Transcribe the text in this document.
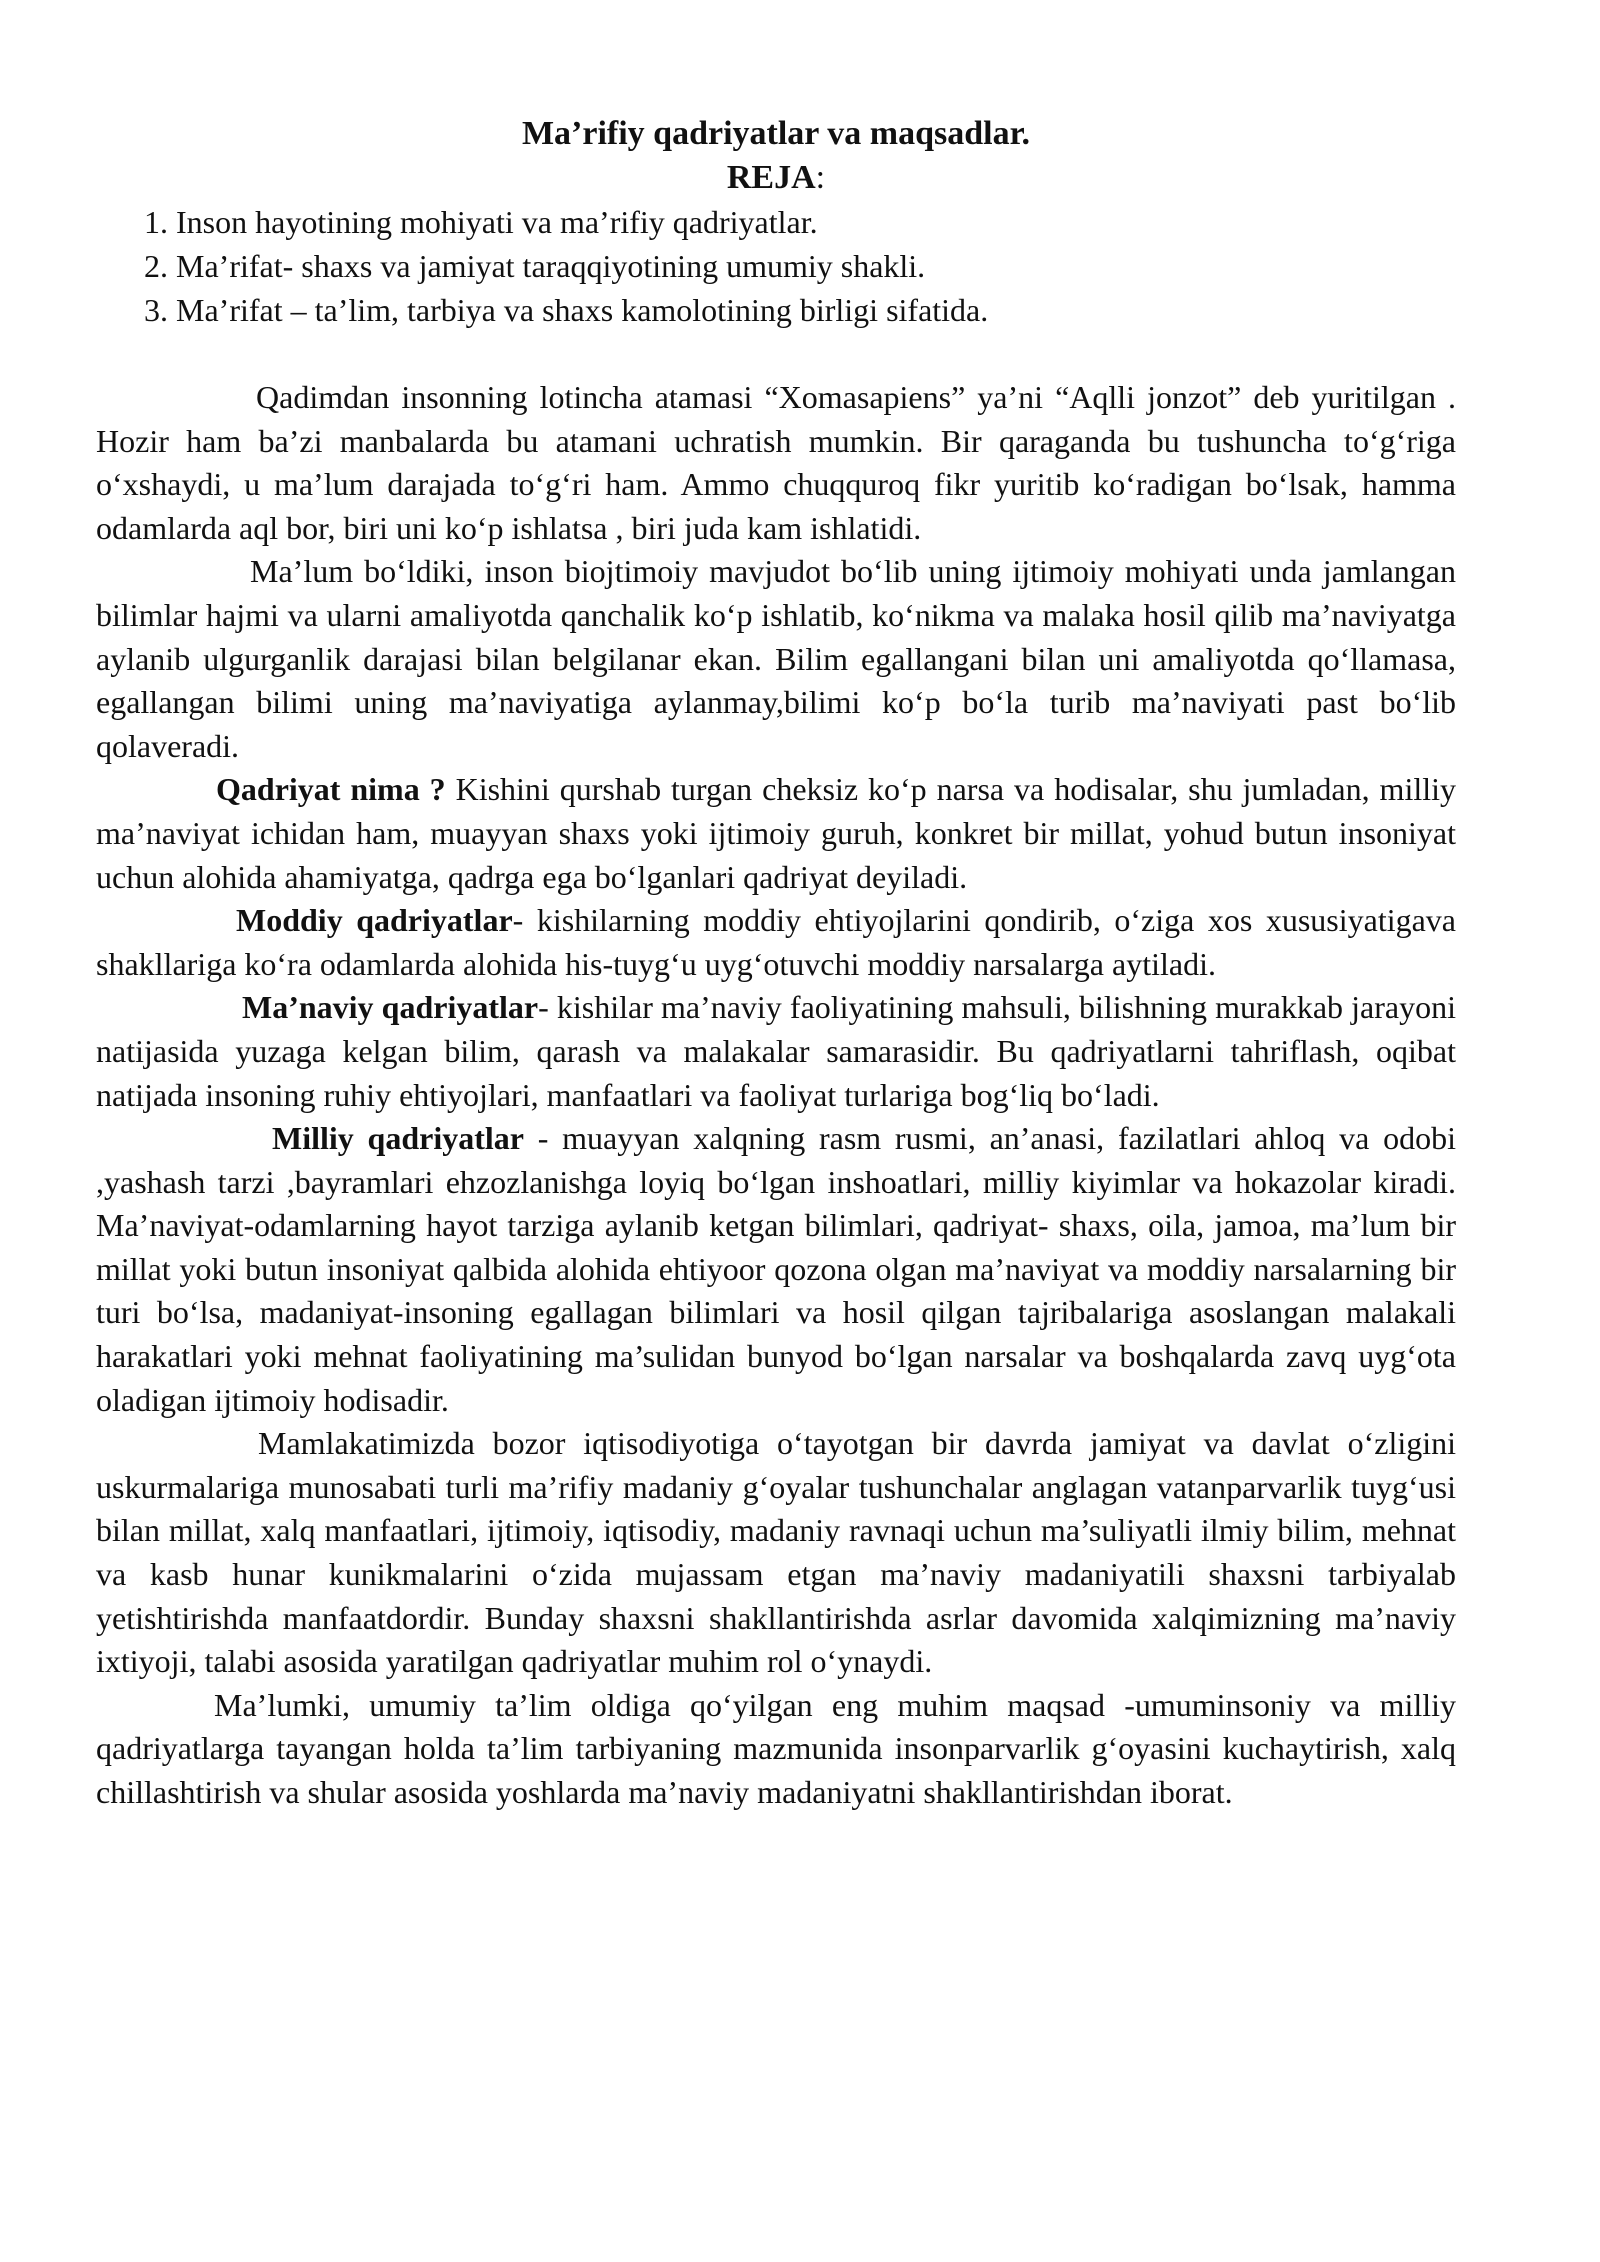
Ma’rifiy qadriyatlar va maqsadlar.

REJA:

1. Inson hayotining mohiyati va ma’rifiy qadriyatlar.
2. Ma’rifat- shaxs va jamiyat taraqqiyotining umumiy shakli.
3. Ma’rifat – ta’lim, tarbiya va shaxs kamolotining birligi sifatida.

Qadimdan insonning lotincha atamasi “Xomasapiens” ya’ni “Aqlli jonzot” deb yuritilgan . Hozir ham ba’zi manbalarda bu atamani uchratish mumkin. Bir qaraganda bu tushuncha to‘g‘riga o‘xshaydi, u ma’lum darajada to‘g‘ri ham. Ammo chuqquroq fikr yuritib ko‘radigan bo‘lsak, hamma odamlarda aql bor, biri uni ko‘p ishlatsa , biri juda kam ishlatidi.

Ma’lum bo‘ldiki, inson biojtimoiy mavjudot bo‘lib uning ijtimoiy mohiyati unda jamlangan bilimlar hajmi va ularni amaliyotda qanchalik ko‘p ishlatib, ko‘nikma va malaka hosil qilib ma’naviyatga aylanib ulgurganlik darajasi bilan belgilanar ekan. Bilim egallangani bilan uni amaliyotda qo‘llamasa, egallangan bilimi uning ma’naviyatiga aylanmay,bilimi ko‘p bo‘la turib ma’naviyati past bo‘lib qolaveradi.

Qadriyat nima ? Kishini qurshab turgan cheksiz ko‘p narsa va hodisalar, shu jumladan, milliy ma’naviyat ichidan ham, muayyan shaxs yoki ijtimoiy guruh, konkret bir millat, yohud butun insoniyat uchun alohida ahamiyatga, qadrga ega bo‘lganlari qadriyat deyiladi.

Moddiy qadriyatlar- kishilarning moddiy ehtiyojlarini qondirib, o‘ziga xos xususiyatigava shakllariga ko‘ra odamlarda alohida his-tuyg‘u uyg‘otuvchi moddiy narsalarga aytiladi.

Ma’naviy qadriyatlar- kishilar ma’naviy faoliyatining mahsuli, bilishning murakkab jarayoni natijasida yuzaga kelgan bilim, qarash va malakalar samarasidir. Bu qadriyatlarni tahriflash, oqibat natijada insoning ruhiy ehtiyojlari, manfaatlari va faoliyat turlariga bog‘liq bo‘ladi.

Milliy qadriyatlar - muayyan xalqning rasm rusmi, an’anasi, fazilatlari ahloq va odobi ,yashash tarzi ,bayramlari ehzozlanishga loyiq bo‘lgan inshoatlari, milliy kiyimlar va hokazolar kiradi. Ma’naviyat-odamlarning hayot tarziga aylanib ketgan bilimlari, qadriyat- shaxs, oila, jamoa, ma’lum bir millat yoki butun insoniyat qalbida alohida ehtiyoor qozona olgan ma’naviyat va moddiy narsalarning bir turi bo‘lsa, madaniyat-insoning egallagan bilimlari va hosil qilgan tajribalariga asoslangan malakali harakatlari yoki mehnat faoliyatining ma’sulidan bunyod bo‘lgan narsalar va boshqalarda zavq uyg‘ota oladigan ijtimoiy hodisadir.

Mamlakatimizda bozor iqtisodiyotiga o‘tayotgan bir davrda jamiyat va davlat o‘zligini uskurmalariga munosabati turli ma’rifiy madaniy g‘oyalar tushunchalar anglagan vatanparvarlik tuyg‘usi bilan millat, xalq manfaatlari, ijtimoiy, iqtisodiy, madaniy ravnaqi uchun ma’suliyatli ilmiy bilim, mehnat va kasb hunar kunikmalarini o‘zida mujassam etgan ma’naviy madaniyatili shaxsni tarbiyalab yetishtirishda manfaatdordir. Bunday shaxsni shakllantirishda asrlar davomida xalqimizning ma’naviy ixtiyoji, talabi asosida yaratilgan qadriyatlar muhim rol o‘ynaydi.

Ma’lumki, umumiy ta’lim oldiga qo‘yilgan eng muhim maqsad -umuminsoniy va milliy qadriyatlarga tayangan holda ta’lim tarbiyaning mazmunida insonparvarlik g‘oyasini kuchaytirish, xalq chillashtirish va shular asosida yoshlarda ma’naviy madaniyatni shakllantirishdan iborat.
